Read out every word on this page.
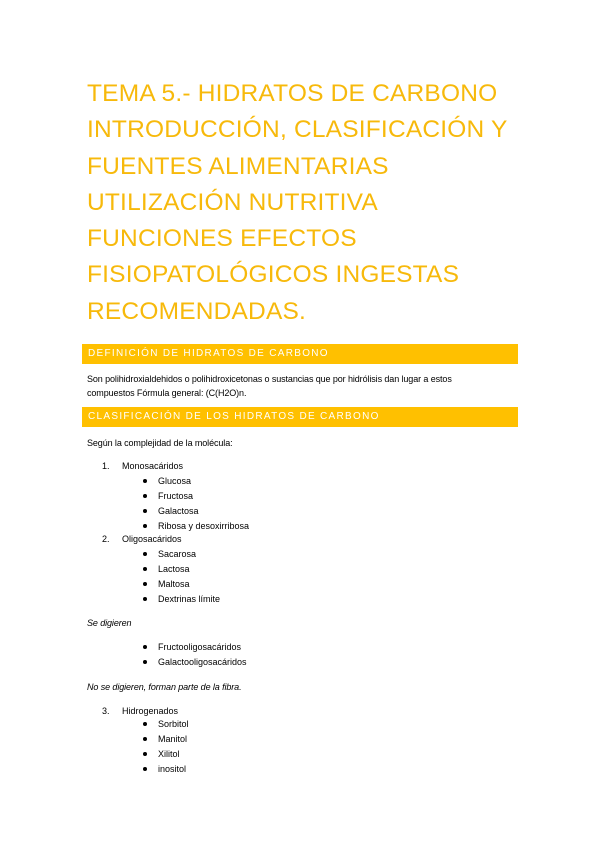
TEMA 5.- HIDRATOS DE CARBONO
INTRODUCCIÓN, CLASIFICACIÓN Y
FUENTES ALIMENTARIAS
UTILIZACIÓN NUTRITIVA
FUNCIONES EFECTOS
FISIOPATOLÓGICOS INGESTAS
RECOMENDADAS.
DEFINICIÓN DE HIDRATOS DE CARBONO
Son polihidroxialdehidos o polihidroxicetonas o sustancias que por hidrólisis dan lugar a estos
compuestos Fórmula general: (C(H2O)n.
CLASIFICACIÓN DE LOS HIDRATOS DE CARBONO
Según la complejidad de la molécula:
1. Monosacáridos
Glucosa
Fructosa
Galactosa
Ribosa y desoxirribosa
2. Oligosacáridos
Sacarosa
Lactosa
Maltosa
Dextrinas límite
Se digieren
Fructooligosacáridos
Galactooligosacáridos
No se digieren, forman parte de la fibra.
3. Hidrogenados
Sorbitol
Manitol
Xilitol
inositol
